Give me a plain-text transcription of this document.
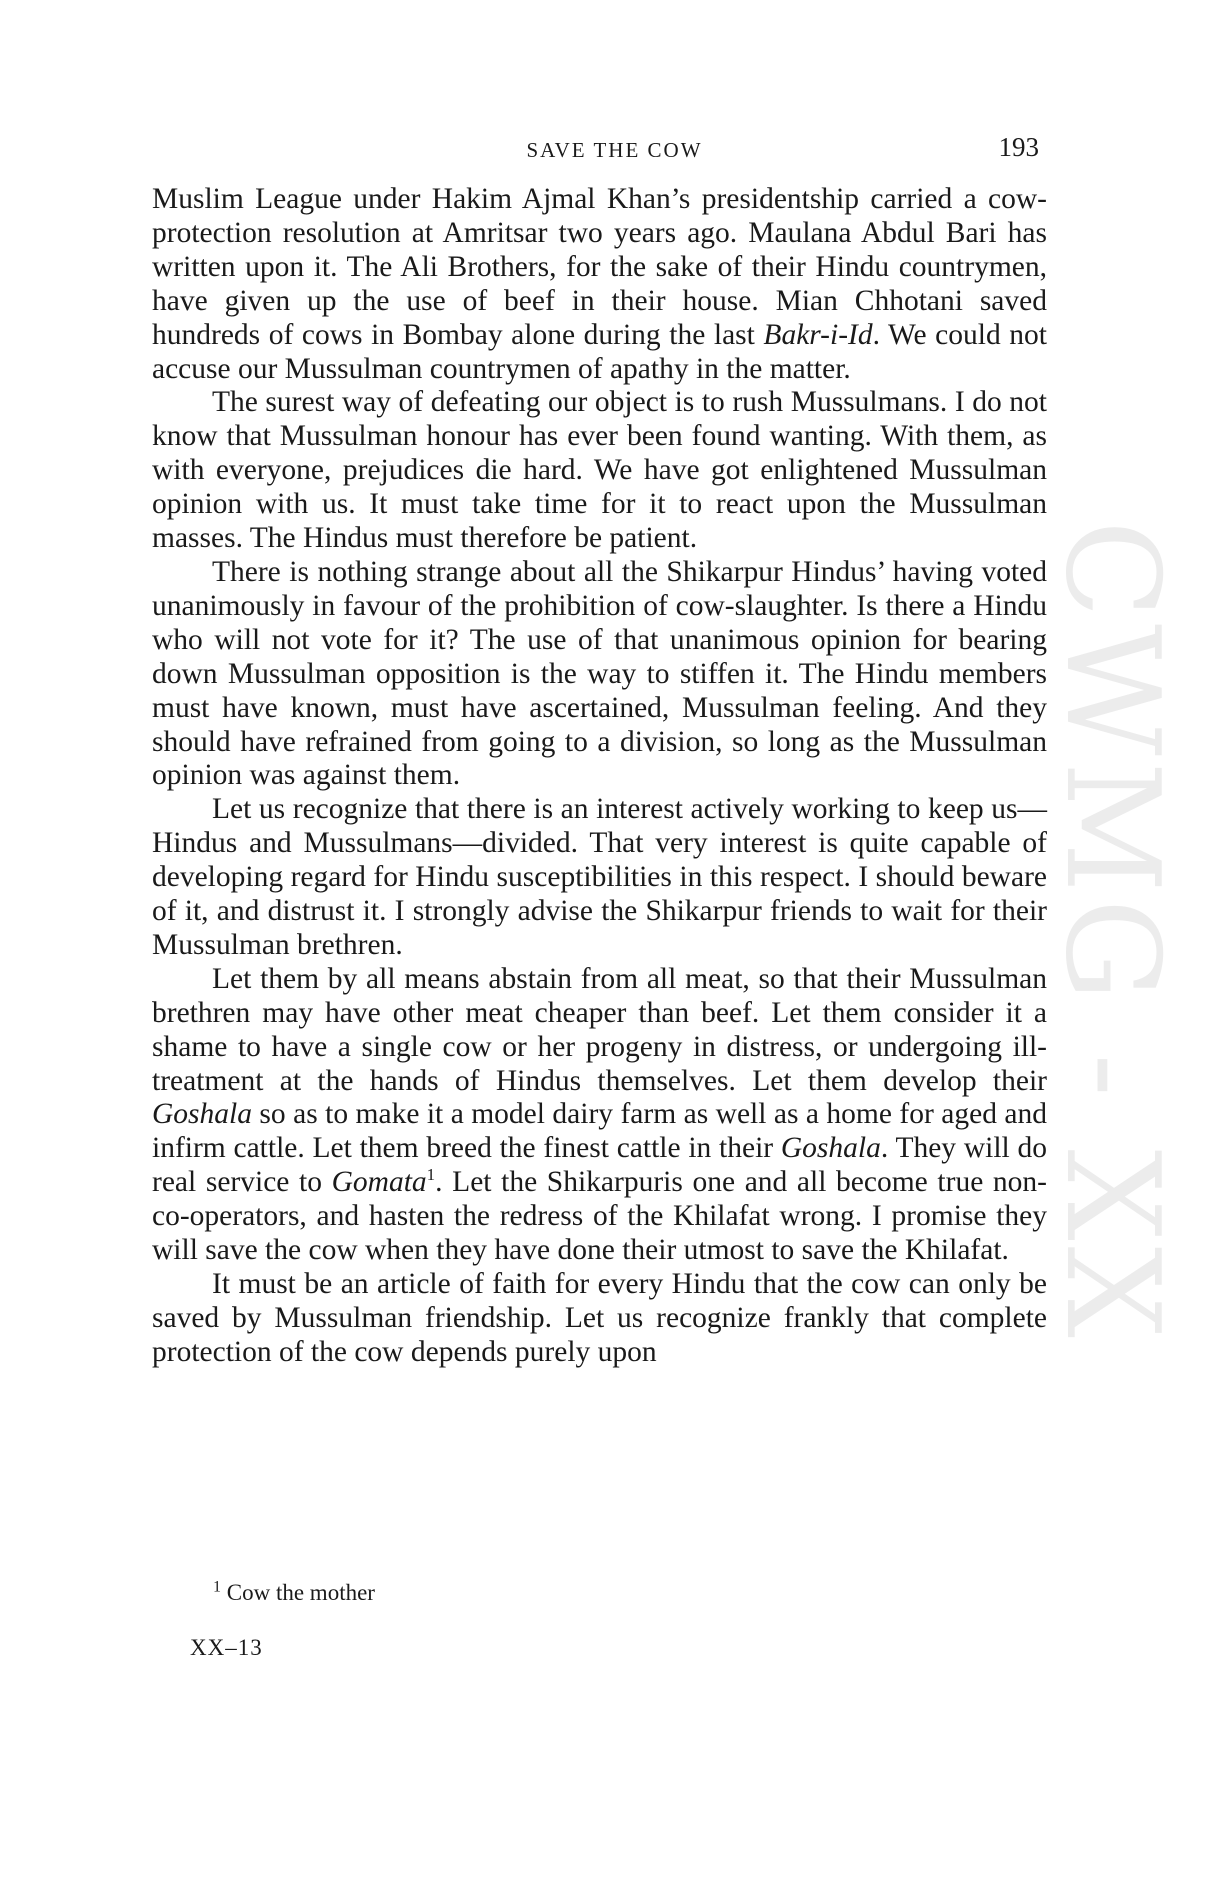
CWMG - XX
SAVE THE COW	193

Muslim League under Hakim Ajmal Khan’s presidentship carried a cow-protection resolution at Amritsar two years ago. Maulana Abdul Bari has written upon it. The Ali Brothers, for the sake of their Hindu countrymen, have given up the use of beef in their house. Mian Chhotani saved hundreds of cows in Bombay alone during the last Bakr-i-Id. We could not accuse our Mussulman countrymen of apathy in the matter.

The surest way of defeating our object is to rush Mussulmans. I do not know that Mussulman honour has ever been found wanting. With them, as with everyone, prejudices die hard. We have got enlightened Mussulman opinion with us. It must take time for it to react upon the Mussulman masses. The Hindus must therefore be patient.

There is nothing strange about all the Shikarpur Hindus’ having voted unanimously in favour of the prohibition of cow-slaughter. Is there a Hindu who will not vote for it? The use of that unanimous opinion for bearing down Mussulman opposition is the way to stiffen it. The Hindu members must have known, must have ascertained, Mussulman feeling. And they should have refrained from going to a division, so long as the Mussulman opinion was against them.

Let us recognize that there is an interest actively working to keep us—Hindus and Mussulmans—divided. That very interest is quite capable of developing regard for Hindu susceptibilities in this respect. I should beware of it, and distrust it. I strongly advise the Shikarpur friends to wait for their Mussulman brethren.

Let them by all means abstain from all meat, so that their Mussulman brethren may have other meat cheaper than beef. Let them consider it a shame to have a single cow or her progeny in distress, or undergoing ill-treatment at the hands of Hindus themselves. Let them develop their Goshala so as to make it a model dairy farm as well as a home for aged and infirm cattle. Let them breed the finest cattle in their Goshala. They will do real service to Gomata$^1$. Let the Shikarpuris one and all become true non-co-operators, and hasten the redress of the Khilafat wrong. I promise they will save the cow when they have done their utmost to save the Khilafat.

It must be an article of faith for every Hindu that the cow can only be saved by Mussulman friendship. Let us recognize frankly that complete protection of the cow depends purely upon

$^1$ Cow the mother
XX–13
